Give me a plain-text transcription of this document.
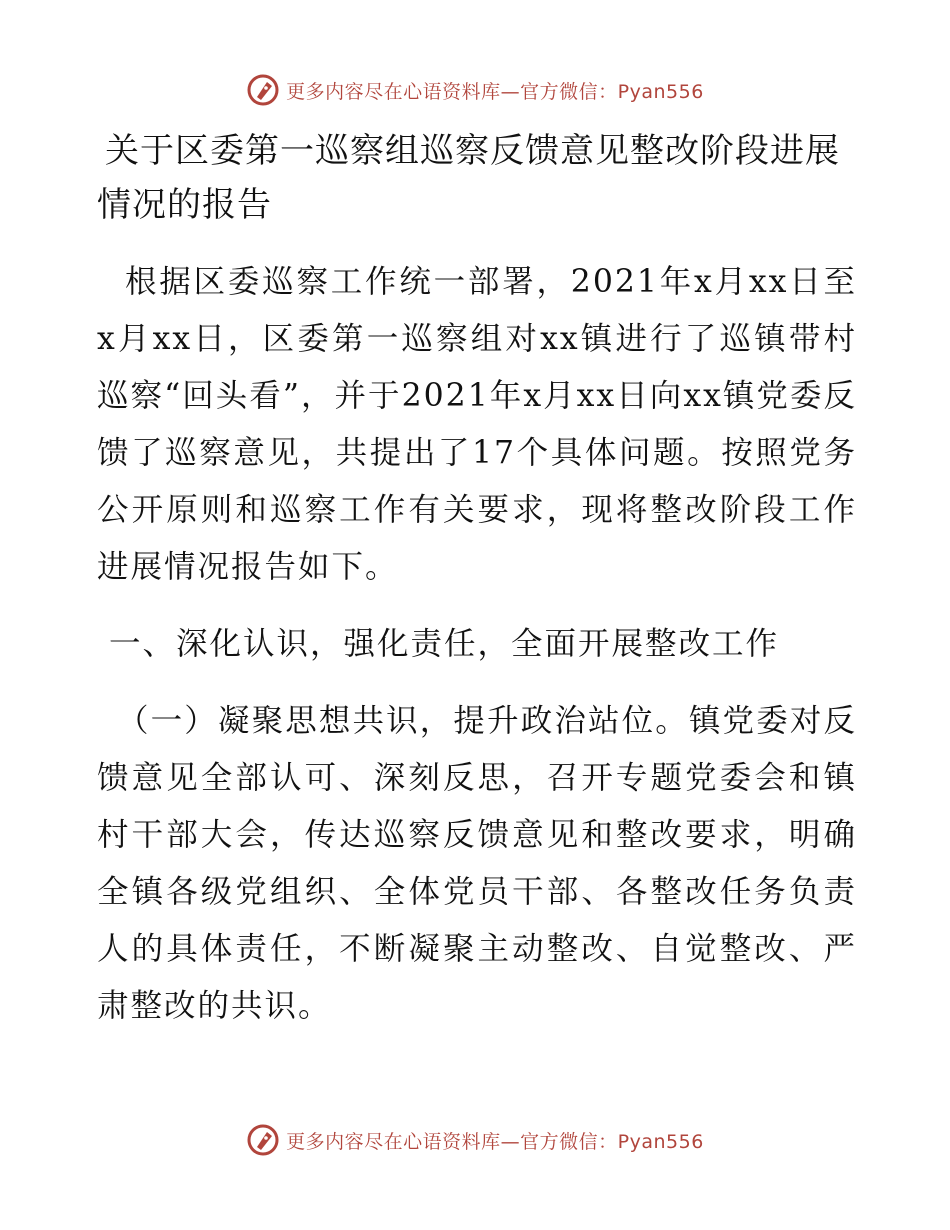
更多内容尽在心语资料库—官方微信：Pyan556
关于区委第一巡察组巡察反馈意见整改阶段进展情况的报告

根据区委巡察工作统一部署，2021年x月xx日至x月xx日，区委第一巡察组对xx镇进行了巡镇带村巡察“回头看”，并于2021年x月xx日向xx镇党委反馈了巡察意见，共提出了17个具体问题。按照党务公开原则和巡察工作有关要求，现将整改阶段工作进展情况报告如下。

一、深化认识，强化责任，全面开展整改工作

（一）凝聚思想共识，提升政治站位。镇党委对反馈意见全部认可、深刻反思，召开专题党委会和镇村干部大会，传达巡察反馈意见和整改要求，明确全镇各级党组织、全体党员干部、各整改任务负责人的具体责任，不断凝聚主动整改、自觉整改、严肃整改的共识。

更多内容尽在心语资料库—官方微信：Pyan556
